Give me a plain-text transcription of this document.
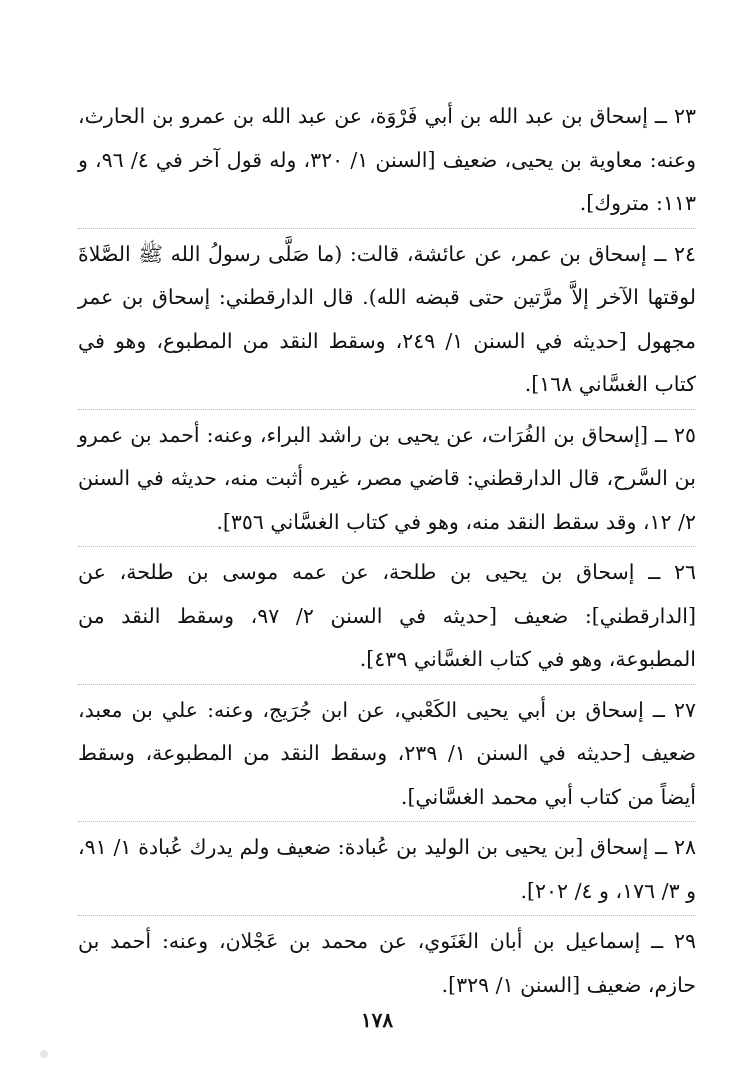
٢٣ ــ إسحاق بن عبد الله بن أبي فَرْوَة، عن عبد الله بن عمرو بن الحارث، وعنه: معاوية بن يحيى، ضعيف [السنن ١/ ٣٢٠، وله قول آخر في ٤/ ٩٦، و ١١٣: متروك].
٢٤ ــ إسحاق بن عمر، عن عائشة، قالت: (ما صَلَّى رسولُ الله ﷺ الصَّلاةَ لوقتها الآخر إلاَّ مرَّتين حتى قبضه الله). قال الدارقطني: إسحاق بن عمر مجهول [حديثه في السنن ١/ ٢٤٩، وسقط النقد من المطبوع، وهو في كتاب الغسَّاني ١٦٨].
٢٥ ــ [إسحاق بن الفُرَات، عن يحيى بن راشد البراء، وعنه: أحمد بن عمرو بن السَّرح، قال الدارقطني: قاضي مصر، غيره أثبت منه، حديثه في السنن ٢/ ١٢، وقد سقط النقد منه، وهو في كتاب الغسَّاني ٣٥٦].
٢٦ ــ إسحاق بن يحيى بن طلحة، عن عمه موسى بن طلحة، عن [الدارقطني]: ضعيف [حديثه في السنن ٢/ ٩٧، وسقط النقد من المطبوعة، وهو في كتاب الغسَّاني ٤٣٩].
٢٧ ــ إسحاق بن أبي يحيى الكَعْبي، عن ابن جُرَيج، وعنه: علي بن معبد، ضعيف [حديثه في السنن ١/ ٢٣٩، وسقط النقد من المطبوعة، وسقط أيضاً من كتاب أبي محمد الغسَّاني].
٢٨ ــ إسحاق [بن يحيى بن الوليد بن عُبادة: ضعيف ولم يدرك عُبادة ١/ ٩١، و ٣/ ١٧٦، و ٤/ ٢٠٢].
٢٩ ــ إسماعيل بن أبان الغَنَوي، عن محمد بن عَجْلان، وعنه: أحمد بن حازم، ضعيف [السنن ١/ ٣٢٩].
١٧٨
